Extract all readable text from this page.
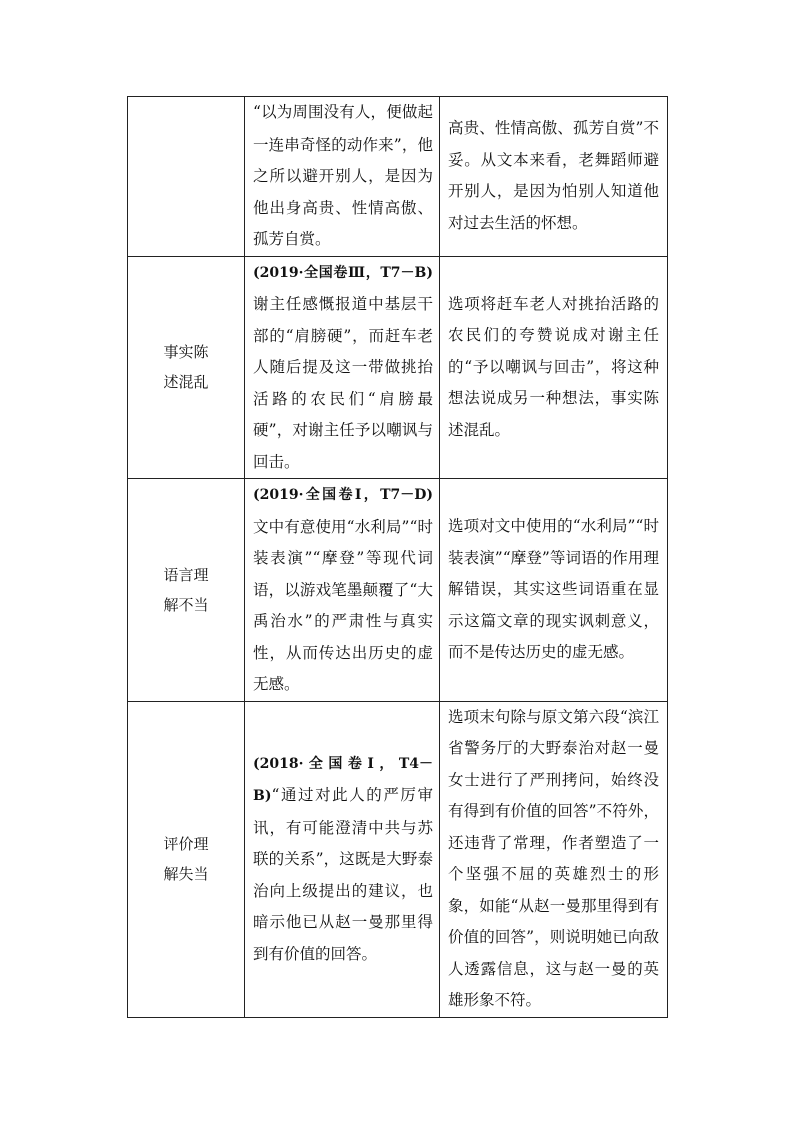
	“以为周围没有人，便做起一连串奇怪的动作来”，他之所以避开别人，是因为他出身高贵、性情高傲、孤芳自赏。	高贵、性情高傲、孤芳自赏”不妥。从文本来看，老舞蹈师避开别人，是因为怕别人知道他对过去生活的怀想。

事实陈
述混乱	(2019·全国卷Ⅲ，T7－B)谢主任感慨报道中基层干部的“肩膀硬”，而赶车老人随后提及这一带做挑抬活路的农民们“肩膀最硬”，对谢主任予以嘲讽与回击。	选项将赶车老人对挑抬活路的农民们的夸赞说成对谢主任的“予以嘲讽与回击”，将这种想法说成另一种想法，事实陈述混乱。

语言理
解不当	(2019·全国卷Ⅰ，T7－D)文中有意使用“水利局”“时装表演”“摩登”等现代词语，以游戏笔墨颠覆了“大禹治水”的严肃性与真实性，从而传达出历史的虚无感。	选项对文中使用的“水利局”“时装表演”“摩登”等词语的作用理解错误，其实这些词语重在显示这篇文章的现实讽刺意义，而不是传达历史的虚无感。

评价理
解失当	(2018·全国卷Ⅰ，T4－B)“通过对此人的严厉审讯，有可能澄清中共与苏联的关系”，这既是大野泰治向上级提出的建议，也暗示他已从赵一曼那里得到有价值的回答。	选项末句除与原文第六段“滨江省警务厅的大野泰治对赵一曼女士进行了严刑拷问，始终没有得到有价值的回答”不符外，还违背了常理，作者塑造了一个坚强不屈的英雄烈士的形象，如能“从赵一曼那里得到有价值的回答”，则说明她已向敌人透露信息，这与赵一曼的英雄形象不符。
